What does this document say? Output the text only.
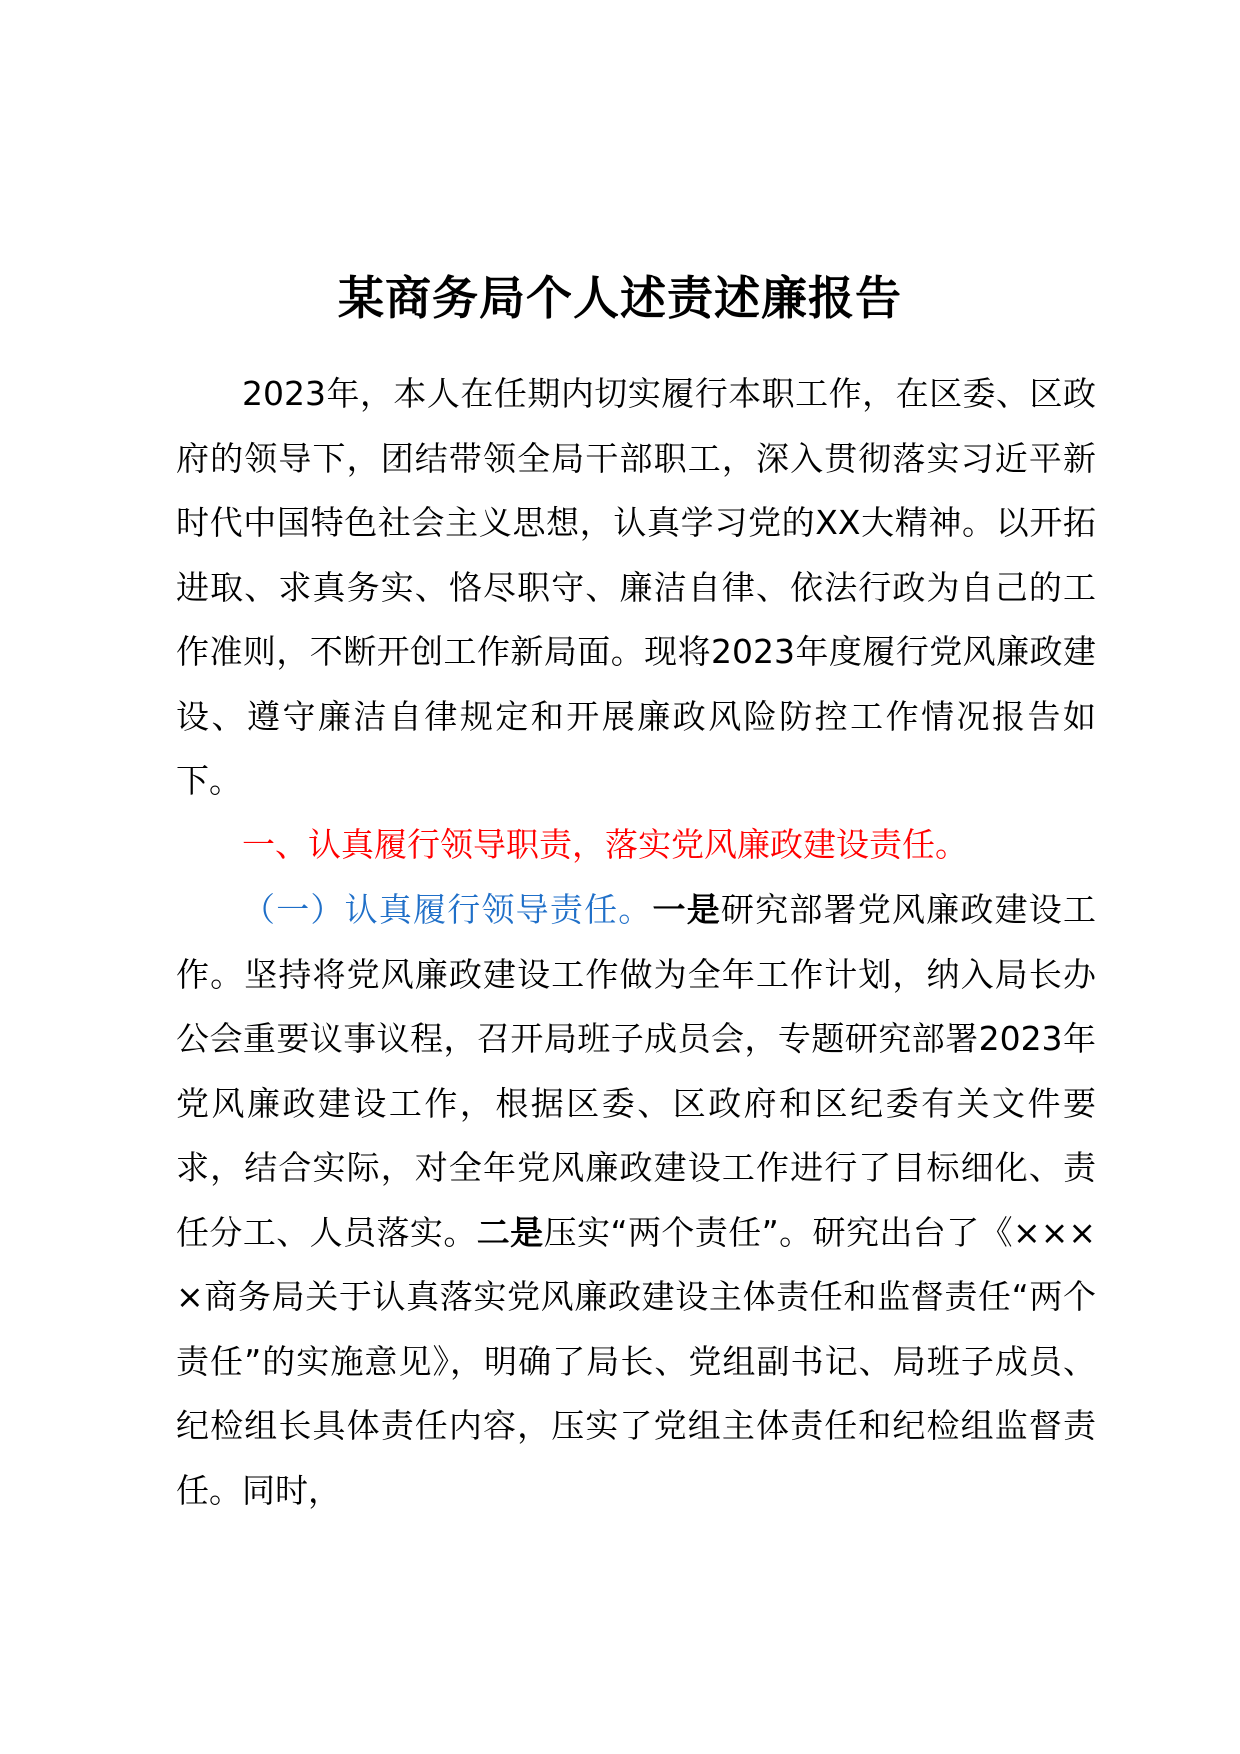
某商务局个人述责述廉报告
2023年，本人在任期内切实履行本职工作，在区委、区政府的领导下，团结带领全局干部职工，深入贯彻落实习近平新时代中国特色社会主义思想，认真学习党的XX大精神。以开拓进取、求真务实、恪尽职守、廉洁自律、依法行政为自己的工作准则，不断开创工作新局面。现将2023年度履行党风廉政建设、遵守廉洁自律规定和开展廉政风险防控工作情况报告如下。
一、认真履行领导职责，落实党风廉政建设责任。
（一）认真履行领导责任。一是研究部署党风廉政建设工作。坚持将党风廉政建设工作做为全年工作计划，纳入局长办公会重要议事议程，召开局班子成员会，专题研究部署2023年党风廉政建设工作，根据区委、区政府和区纪委有关文件要求，结合实际，对全年党风廉政建设工作进行了目标细化、责任分工、人员落实。二是压实“两个责任”。研究出台了《××××商务局关于认真落实党风廉政建设主体责任和监督责任“两个责任”的实施意见》，明确了局长、党组副书记、局班子成员、纪检组长具体责任内容，压实了党组主体责任和纪检组监督责任。同时，
